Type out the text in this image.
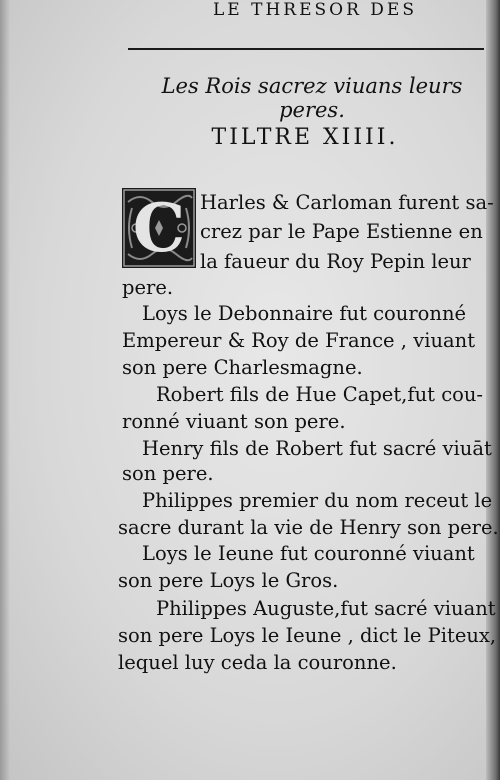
LE THRESOR DES
Les Rois sacrez viuans leurs peres.
TILTRE XIIII.
C Harles & Carloman furent sa-
crez par le Pape Estienne en
la faueur du Roy Pepin leur
pere.
Loys le Debonnaire fut couronné
Empereur & Roy de France , viuant
son pere Charlesmagne.
Robert fils de Hue Capet,fut cou-
ronné viuant son pere.
Henry fils de Robert fut sacré viuāt
son pere.
Philippes premier du nom receut le
sacre durant la vie de Henry son pere.
Loys le Ieune fut couronné viuant
son pere Loys le Gros.
Philippes Auguste,fut sacré viuant
son pere Loys le Ieune , dict le Piteux,
lequel luy ceda la couronne.
